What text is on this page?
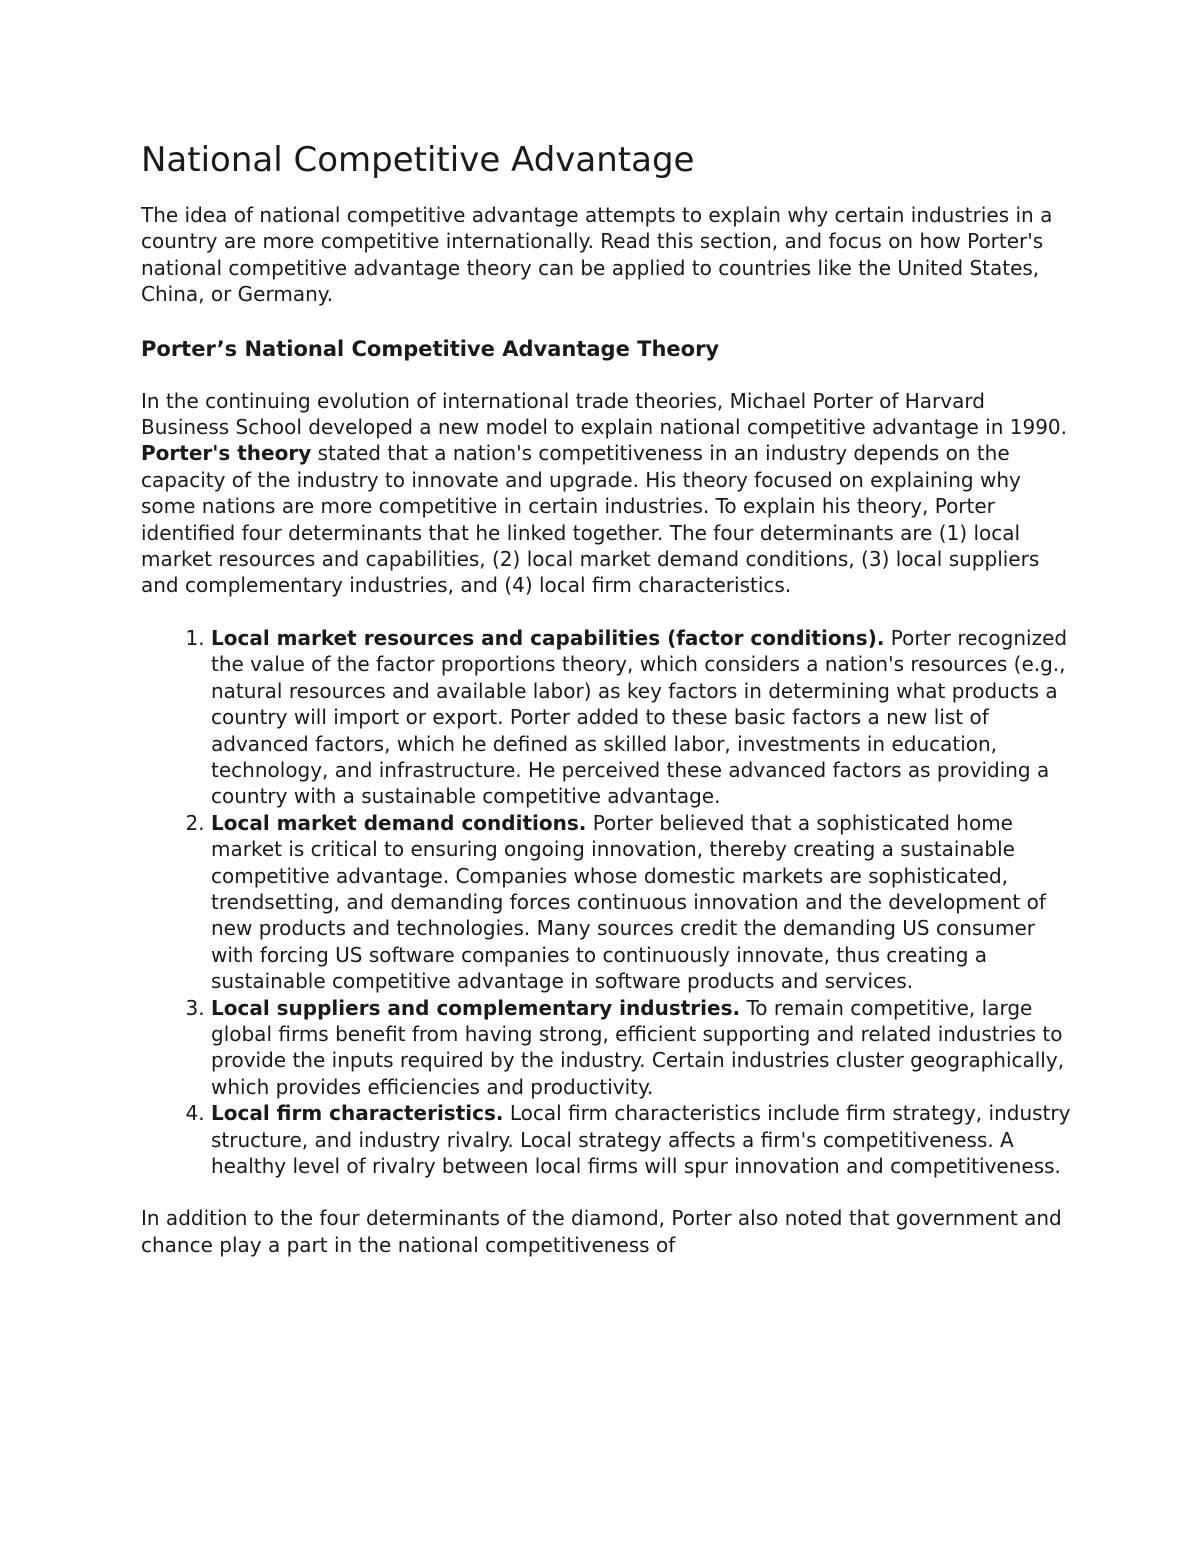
National Competitive Advantage

The idea of national competitive advantage attempts to explain why certain industries in a country are more competitive internationally. Read this section, and focus on how Porter's national competitive advantage theory can be applied to countries like the United States, China, or Germany.

Porter’s National Competitive Advantage Theory

In the continuing evolution of international trade theories, Michael Porter of Harvard Business School developed a new model to explain national competitive advantage in 1990. Porter's theory stated that a nation's competitiveness in an industry depends on the capacity of the industry to innovate and upgrade. His theory focused on explaining why some nations are more competitive in certain industries. To explain his theory, Porter identified four determinants that he linked together. The four determinants are (1) local market resources and capabilities, (2) local market demand conditions, (3) local suppliers and complementary industries, and (4) local firm characteristics.

1. Local market resources and capabilities (factor conditions). Porter recognized the value of the factor proportions theory, which considers a nation's resources (e.g., natural resources and available labor) as key factors in determining what products a country will import or export. Porter added to these basic factors a new list of advanced factors, which he defined as skilled labor, investments in education, technology, and infrastructure. He perceived these advanced factors as providing a country with a sustainable competitive advantage.
2. Local market demand conditions. Porter believed that a sophisticated home market is critical to ensuring ongoing innovation, thereby creating a sustainable competitive advantage. Companies whose domestic markets are sophisticated, trendsetting, and demanding forces continuous innovation and the development of new products and technologies. Many sources credit the demanding US consumer with forcing US software companies to continuously innovate, thus creating a sustainable competitive advantage in software products and services.
3. Local suppliers and complementary industries. To remain competitive, large global firms benefit from having strong, efficient supporting and related industries to provide the inputs required by the industry. Certain industries cluster geographically, which provides efficiencies and productivity.
4. Local firm characteristics. Local firm characteristics include firm strategy, industry structure, and industry rivalry. Local strategy affects a firm's competitiveness. A healthy level of rivalry between local firms will spur innovation and competitiveness.

In addition to the four determinants of the diamond, Porter also noted that government and chance play a part in the national competitiveness of
